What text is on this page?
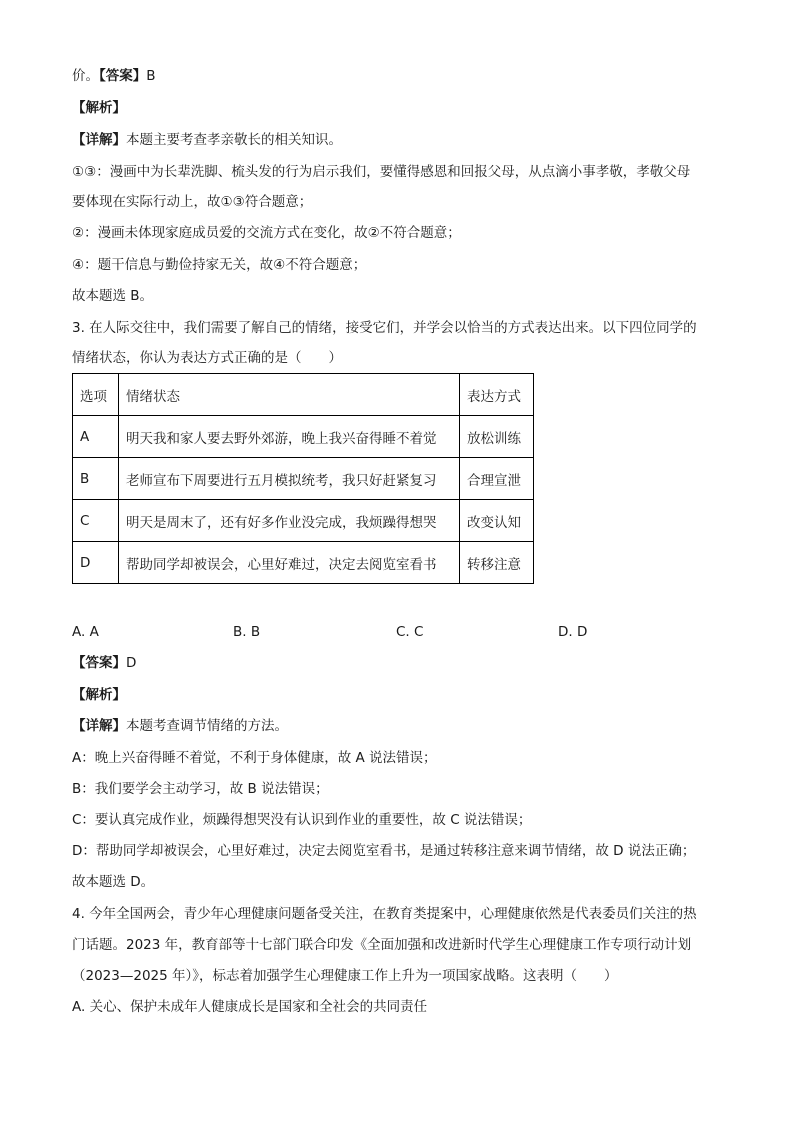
价。【答案】B
【解析】
【详解】本题主要考查孝亲敬长的相关知识。
①③：漫画中为长辈洗脚、梳头发的行为启示我们，要懂得感恩和回报父母，从点滴小事孝敬，孝敬父母
要体现在实际行动上，故①③符合题意；
②：漫画未体现家庭成员爱的交流方式在变化，故②不符合题意；
④：题干信息与勤俭持家无关，故④不符合题意；
故本题选 B。
3. 在人际交往中，我们需要了解自己的情绪，接受它们，并学会以恰当的方式表达出来。以下四位同学的
情绪状态，你认为表达方式正确的是（　　）
选项	情绪状态	表达方式
A	明天我和家人要去野外郊游，晚上我兴奋得睡不着觉	放松训练
B	老师宣布下周要进行五月模拟统考，我只好赶紧复习	合理宣泄
C	明天是周末了，还有好多作业没完成，我烦躁得想哭	改变认知
D	帮助同学却被误会，心里好难过，决定去阅览室看书	转移注意
A. A	B. B	C. C	D. D
【答案】D
【解析】
【详解】本题考查调节情绪的方法。
A：晚上兴奋得睡不着觉，不利于身体健康，故 A 说法错误；
B：我们要学会主动学习，故 B 说法错误；
C：要认真完成作业，烦躁得想哭没有认识到作业的重要性，故 C 说法错误；
D：帮助同学却被误会，心里好难过，决定去阅览室看书，是通过转移注意来调节情绪，故 D 说法正确；
故本题选 D。
4. 今年全国两会，青少年心理健康问题备受关注，在教育类提案中，心理健康依然是代表委员们关注的热
门话题。2023 年，教育部等十七部门联合印发《全面加强和改进新时代学生心理健康工作专项行动计划
（2023—2025 年）》，标志着加强学生心理健康工作上升为一项国家战略。这表明（　　）
A. 关心、保护未成年人健康成长是国家和全社会的共同责任
